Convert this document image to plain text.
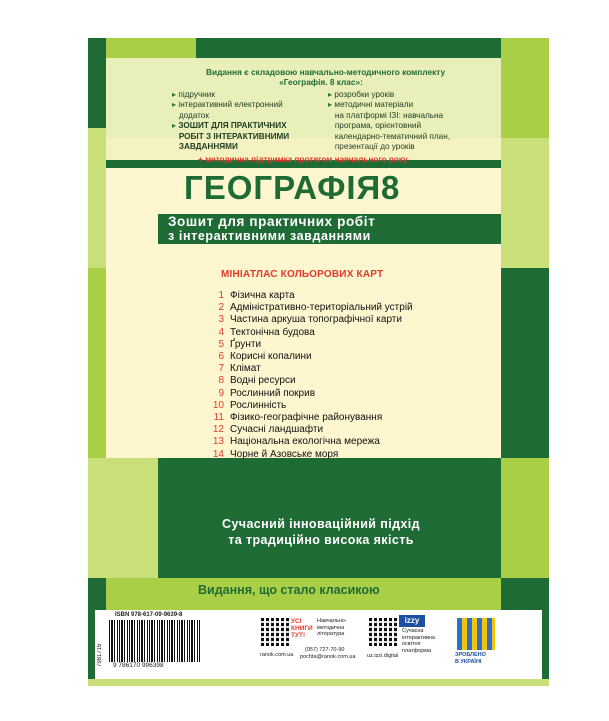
Видання є складовою навчально-методичного комплекту
«Географія. 8 клас»:
▸ підручник
▸ інтерактивний електронний
додаток
▸ ЗОШИТ ДЛЯ ПРАКТИЧНИХ
РОБІТ З ІНТЕРАКТИВНИМИ
ЗАВДАННЯМИ
▸ розробки уроків
▸ методичні матеріали
на платформі ІЗІ: навчальна
програма, орієнтовний
календарно-тематичний план,
презентації до уроків
+ методична підтримка протягом навчального року
ГЕОГРАФІЯ 8
Зошит для практичних робіт
з інтерактивними завданнями
МІНІАТЛАС КОЛЬОРОВИХ КАРТ
1 Фізична карта
2 Адміністративно-територіальний устрій
3 Частина аркуша топографічної карти
4 Тектонічна будова
5 Ґрунти
6 Корисні копалини
7 Клімат
8 Водні ресурси
9 Рослинний покрив
10 Рослинність
11 Фізико-географічне районування
12 Сучасні ландшафти
13 Національна екологічна мережа
14 Чорне й Азовське моря
Сучасний інноваційний підхід
та традиційно висока якість
Видання, що стало класикою
7981716
ISBN 978-617-09-9639-8
9 786170 996398
УСІ
КНИГИ
ТУТ!
Навчально-
методична
література
ranok.com.ua
(057) 727-70-90
pochta@ranok.com.ua
izzy
Сучасна
інтерактивна
освітня
платформа
uz.izzi.digital	ЗРОБЛЕНО
В УКРАЇНІ
